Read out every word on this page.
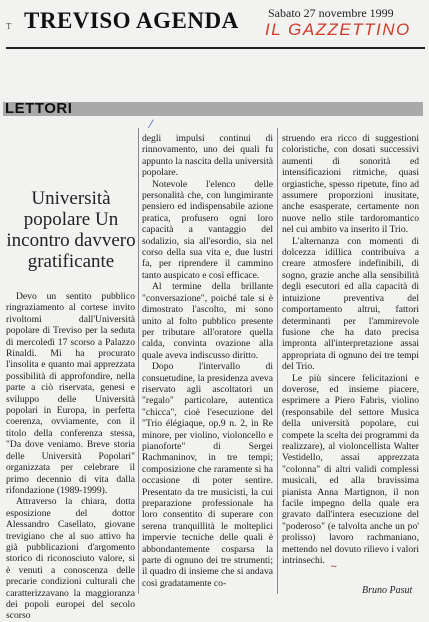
T TREVISO AGENDA Sabato 27 novembre 1999
IL GAZZETTINO
LETTORI
⁄
Università popolare Un incontro davvero gratificante

Devo un sentito pubblico ringraziamento al cortese invito rivoltomi dall'Università popolare di Treviso per la seduta di mercoledì 17 scorso a Palazzo Rinaldi. Mi ha procurato l'insolita e quanto mai apprezzata possibilità di approfondire, nella parte a ciò riservata, genesi e sviluppo delle Università popolari in Europa, in perfetta coerenza, ovviamente, con il titolo della conferenza stessa, "Da dove veniamo. Breve storia delle Università Popolari" organizzata per celebrare il primo decennio di vita dalla rifondazione (1989-1999).

Attraverso la chiara, dotta esposizione del dottor Alessandro Casellato, giovane trevigiano che al suo attivo ha già pubblicazioni d'argomento storico di riconosciuto valore, si è venuti a conoscenza delle precarie condizioni culturali che caratterizzavano la maggioranza dei popoli europei del secolo scorso

degli impulsi continui di rinnovamento, uno dei quali fu appunto la nascita della università popolare.

Notevole l'elenco delle personalità che, con lungimirante pensiero ed indispensabile azione pratica, profusero ogni loro capacità a vantaggio del sodalizio, sia all'esordio, sia nel corso della sua vita e, due lustri fa, per riprendere il cammino tanto auspicato e così efficace.

Al termine della brillante "conversazione", poiché tale si è dimostrato l'ascolto, mi sono unito al folto pubblico presente per tributare all'oratore quella calda, convinta ovazione alla quale aveva indiscusso diritto.

Dopo l'intervallo di consuetudine, la presidenza aveva riservato agli ascoltatori un "regalo" particolare, autentica "chicca", cioè l'esecuzione del "Trio élégiaque, op.9 n. 2, in Re minore, per violino, violoncello e pianoforte" di Sergei Rachmaninov, in tre tempi; composizione che raramente si ha occasione di poter sentire. Presentato da tre musicisti, la cui preparazione professionale ha loro consentito di superare con serena tranquillità le molteplici impervie tecniche delle quali è abbondantemente cosparsa la parte di ognuno dei tre strumenti; il quadro di insieme che si andava così gradatamente co-

struendo era ricco di suggestioni coloristiche, con dosati successivi aumenti di sonorità ed intensificazioni ritmiche, quasi orgiastiche, spesso ripetute, fino ad assumere proporzioni inusitate, anche esasperate, certamente non nuove nello stile tardoromantico nel cui ambito va inserito il Trio.

L'alternanza con momenti di dolcezza idillica contribuiva a creare atmosfere indefinibili, di sogno, grazie anche alla sensibilità degli esecutori ed alla capacità di intuizione preventiva del comportamento altrui, fattori determinanti per l'ammirevole fusione che ha dato precisa impronta all'interpretazione assai appropriata di ognuno dei tre tempi del Trio.

Le più sincere felicitazioni e doverose, ed insieme piacere, esprimere a Piero Fabris, violino (responsabile del settore Musica della università popolare, cui compete la scelta dei programmi da realizzare), al violoncellista Walter Vestidello, assai apprezzata "colonna" di altri validi complessi musicali, ed alla bravissima pianista Anna Martignon, il non facile impegno della quale era gravato dall'intera esecuzione del "poderoso" (e talvolta anche un po' prolisso) lavoro rachmaniano, mettendo nel dovuto rilievo i valori intrinsechi.

~
Bruno Pasut
